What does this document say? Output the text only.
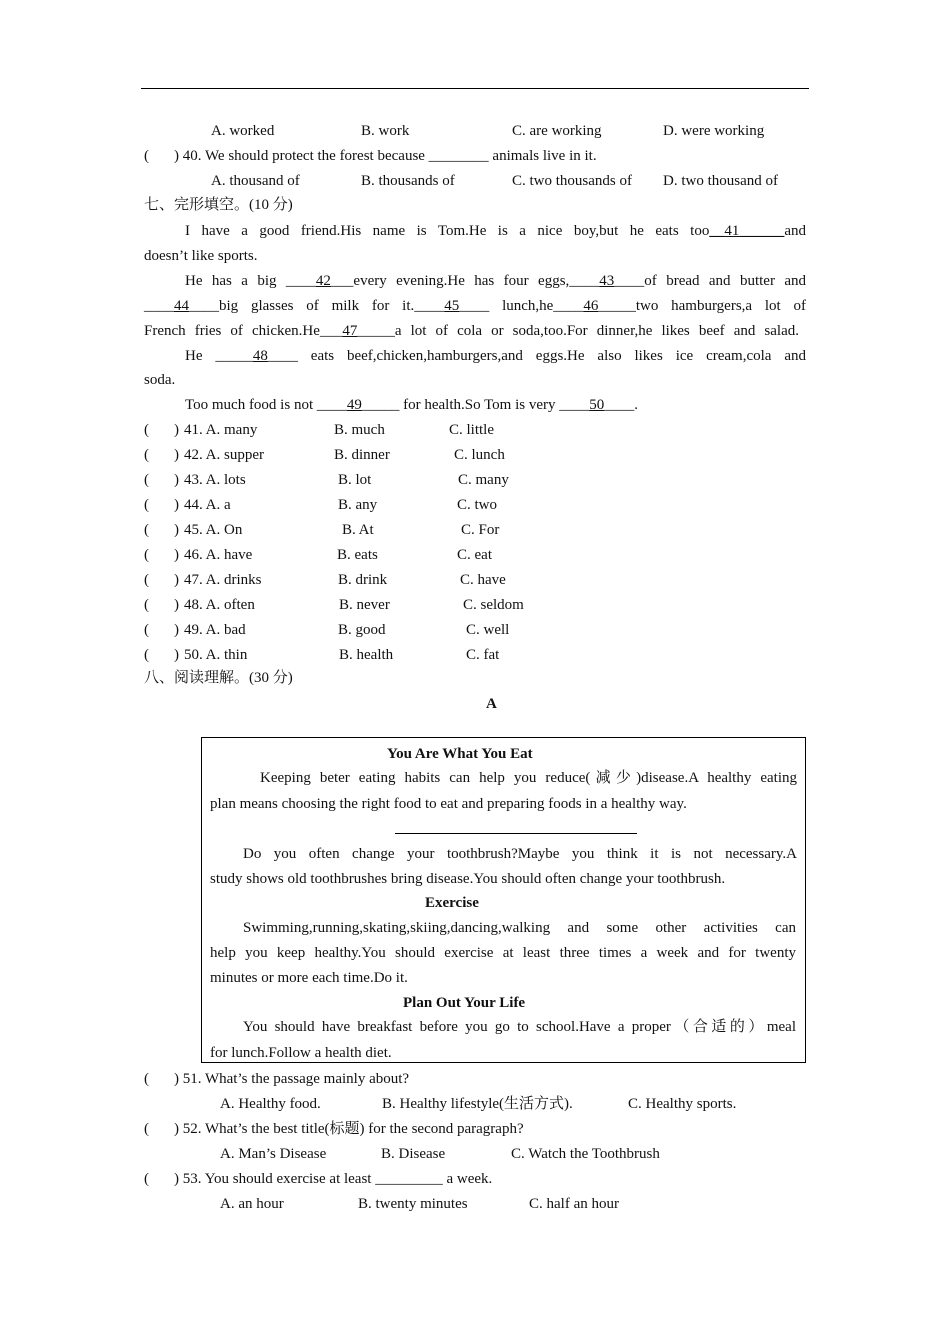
A. worked	B. work	C. are working	D. were working
( ) 40. We should protect the forest because ________ animals live in it.
A. thousand of	B. thousands of	C. two thousands of D. two thousand of
七、完形填空。(10 分)
I have a good friend.His name is Tom.He is a nice boy,but he eats too__41______and
doesn’t like sports.
He has a big ____42___every evening.He has four eggs,____43____of bread and butter and
____44____big glasses of milk for it.____45____ lunch,he____46_____two hamburgers,a lot of
French fries of chicken.He___47_____a lot of cola or soda,too.For dinner,he likes beef and salad.
He _____48____ eats beef,chicken,hamburgers,and eggs.He also likes ice cream,cola and
soda.
Too much food is not ____49_____ for health.So Tom is very ____50____.
( ) 41. A. many	B. much	C. little
( ) 42. A. supper	B. dinner	C. lunch
( ) 43. A. lots	B. lot	C. many
( ) 44. A. a	B. any	C. two
( ) 45. A. On	B. At	C. For
( ) 46. A. have	B. eats	C. eat
( ) 47. A. drinks	B. drink	C. have
( ) 48. A. often	B. never	C. seldom
( ) 49. A. bad	B. good	C. well
( ) 50. A. thin	B. health	C. fat
八、阅读理解。(30 分)
A
You Are What You Eat
Keeping beter eating habits can help you reduce(减少)disease.A healthy eating
plan means choosing the right food to eat and preparing foods in a healthy way.
Do you often change your toothbrush?Maybe you think it is not necessary.A
study shows old toothbrushes bring disease.You should often change your toothbrush.
Exercise
Swimming,running,skating,skiing,dancing,walking and some other activities can
help you keep healthy.You should exercise at least three times a week and for twenty
minutes or more each time.Do it.
Plan Out Your Life
You should have breakfast before you go to school.Have a proper（合适的）meal
for lunch.Follow a health diet.
( ) 51. What’s the passage mainly about?
A. Healthy food.	B. Healthy lifestyle(生活方式).	C. Healthy sports.
( ) 52. What’s the best title(标题) for the second paragraph?
A. Man’s Disease	B. Disease	C. Watch the Toothbrush
( ) 53. You should exercise at least _________ a week.
A. an hour	B. twenty minutes	C. half an hour
